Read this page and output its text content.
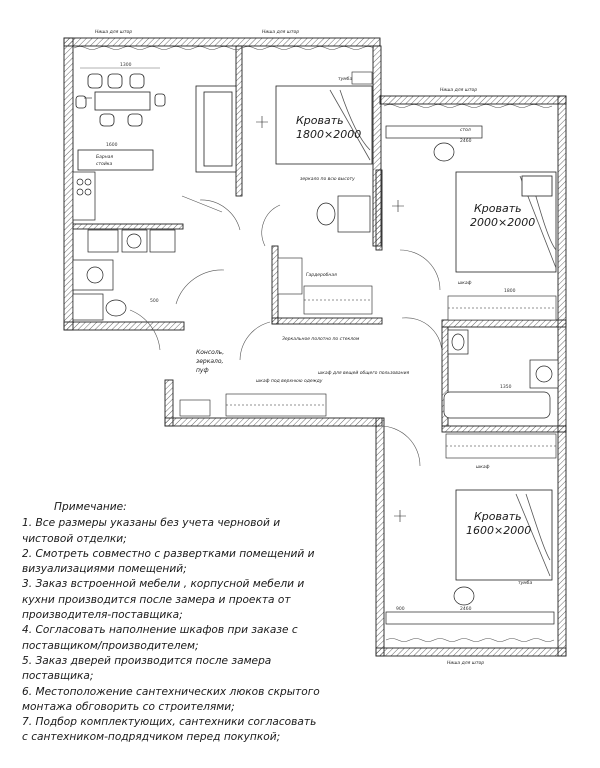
Ниша для штор	Ниша для штор
Ниша для штор
Ниша для штор
1300
1600
Барная
стойка
500
Кровать
1800×2000
тумба
зеркало по всю высоту
Гардеробная
Зеркальное полотно по стеклом
Кровать
2000×2000
стол
2460
шкаф
1800
1350
Консоль,
зеркало,
пуф
шкаф под верхнюю одежду
шкаф для вещей общего пользования
Кровать
1600×2000
тумба
шкаф
2460
900
Примечание:
1. Все размеры указаны без учета черновой и
чистовой отделки;
2. Смотреть совместно с развертками помещений и
визуализациями помещений;
3. Заказ встроенной мебели , корпусной мебели и
кухни производится после замера и проекта от
производителя-поставщика;
4. Согласовать наполнение шкафов при заказе с
поставщиком/производителем;
5. Заказ дверей производится после замера
поставщика;
6. Местоположение сантехнических люков скрытого
монтажа обговорить со строителями;
7. Подбор комплектующих, сантехники согласовать
с сантехником-подрядчиком перед покупкой;
